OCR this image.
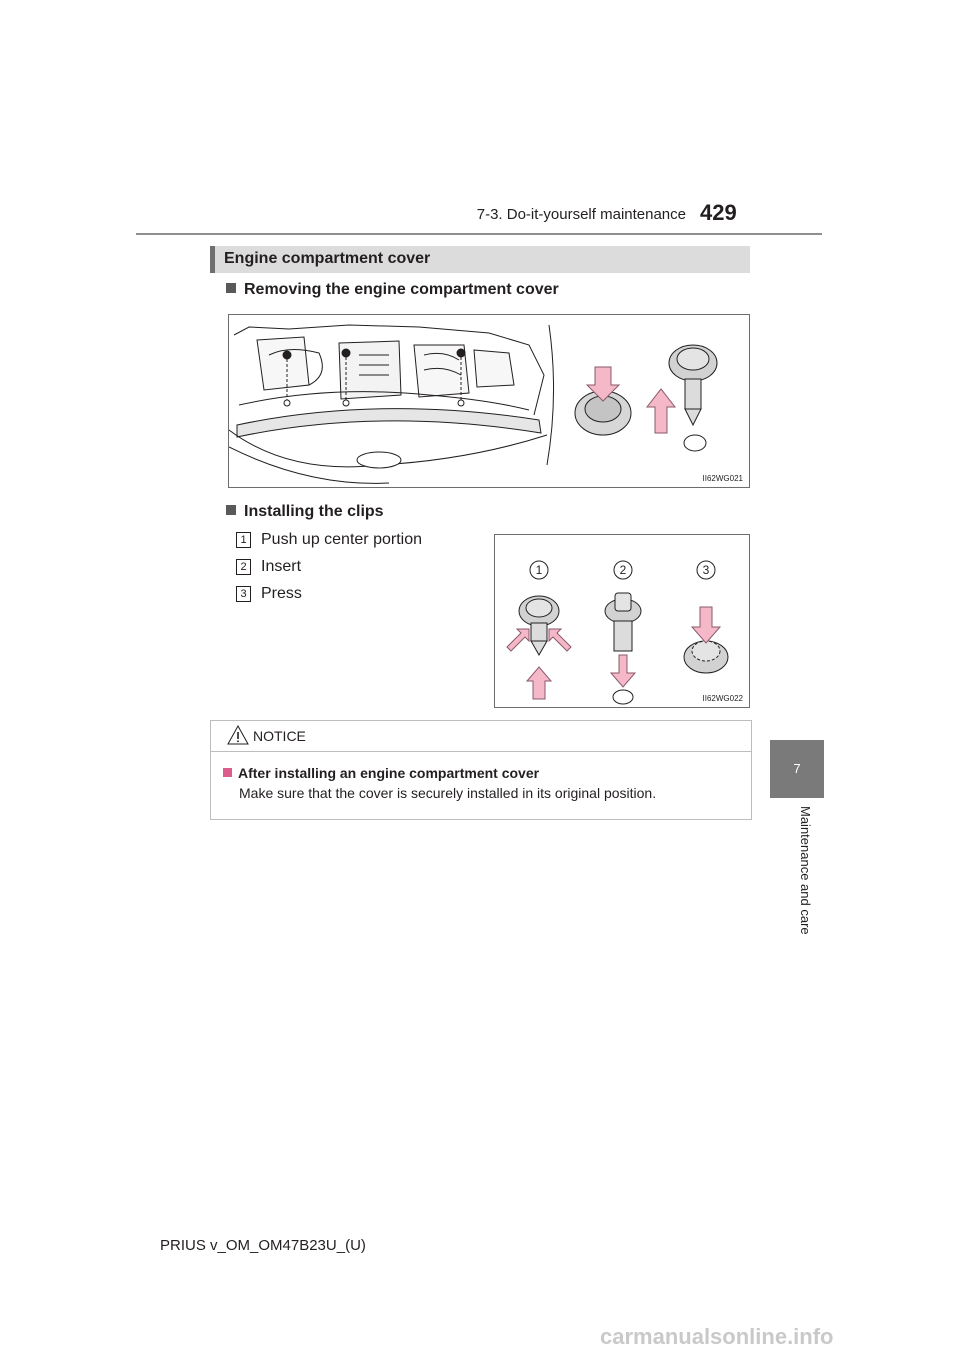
7-3. Do-it-yourself maintenance 429
7
Maintenance and care
Engine compartment cover
Removing the engine compartment cover
II62WG021
Installing the clips
1 Push up center portion
2 Insert
3 Press
1	2	3
II62WG022
NOTICE
After installing an engine compartment cover
Make sure that the cover is securely installed in its original position.
PRIUS v_OM_OM47B23U_(U)
carmanualsonline.info
